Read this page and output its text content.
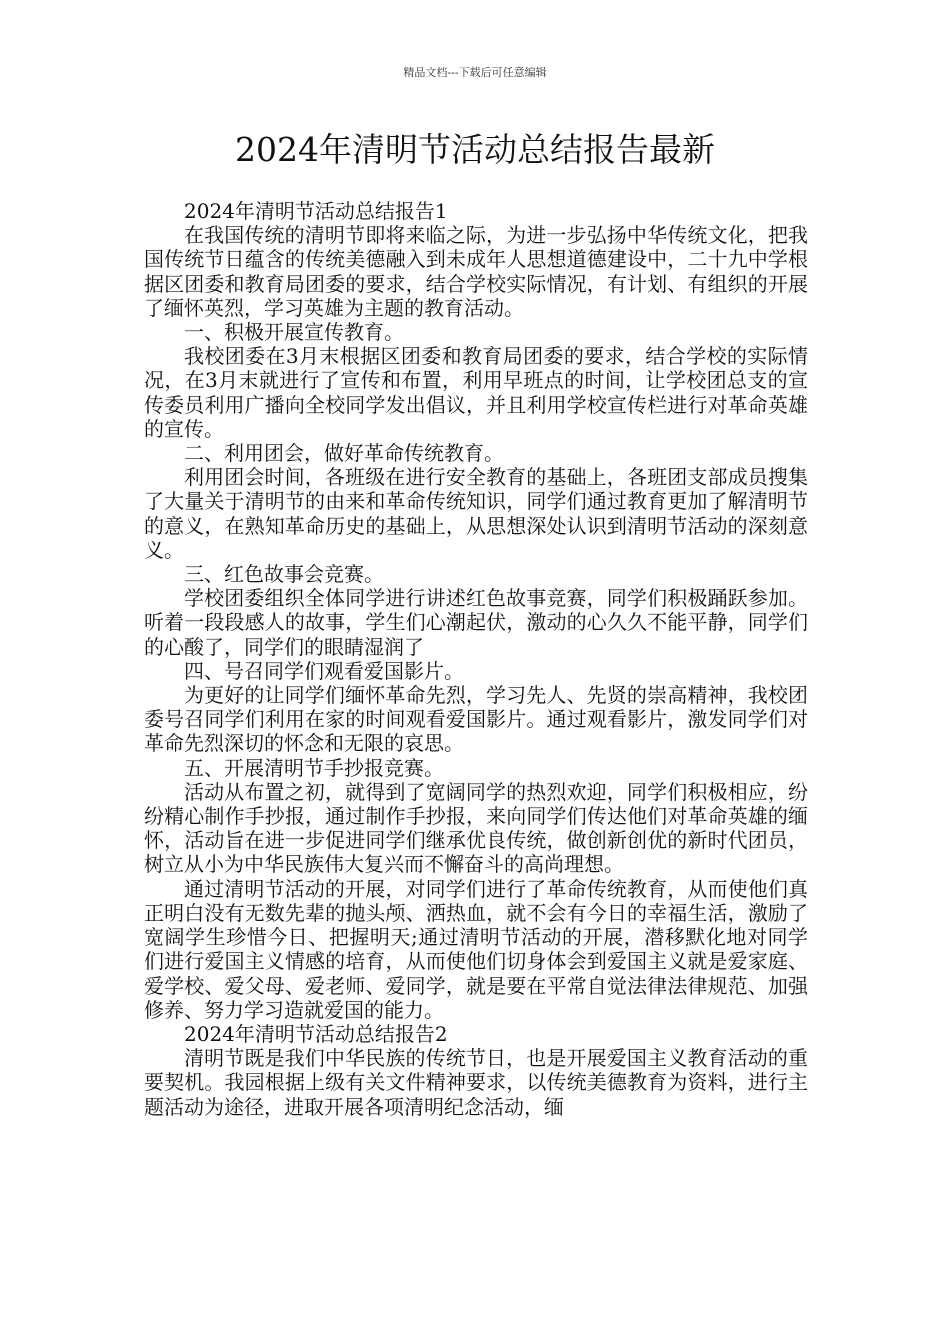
精品文档---下载后可任意编辑
2024年清明节活动总结报告最新

2024年清明节活动总结报告1

在我国传统的清明节即将来临之际，为进一步弘扬中华传统文化，把我国传统节日蕴含的传统美德融入到未成年人思想道德建设中，二十九中学根据区团委和教育局团委的要求，结合学校实际情况，有计划、有组织的开展了缅怀英烈，学习英雄为主题的教育活动。

一、积极开展宣传教育。

我校团委在3月末根据区团委和教育局团委的要求，结合学校的实际情况，在3月末就进行了宣传和布置，利用早班点的时间，让学校团总支的宣传委员利用广播向全校同学发出倡议，并且利用学校宣传栏进行对革命英雄的宣传。

二、利用团会，做好革命传统教育。

利用团会时间，各班级在进行安全教育的基础上，各班团支部成员搜集了大量关于清明节的由来和革命传统知识，同学们通过教育更加了解清明节的意义，在熟知革命历史的基础上，从思想深处认识到清明节活动的深刻意义。

三、红色故事会竞赛。

学校团委组织全体同学进行讲述红色故事竞赛，同学们积极踊跃参加。听着一段段感人的故事，学生们心潮起伏，激动的心久久不能平静，同学们的心酸了，同学们的眼睛湿润了

四、号召同学们观看爱国影片。

为更好的让同学们缅怀革命先烈，学习先人、先贤的崇高精神，我校团委号召同学们利用在家的时间观看爱国影片。通过观看影片，激发同学们对革命先烈深切的怀念和无限的哀思。

五、开展清明节手抄报竞赛。

活动从布置之初，就得到了宽阔同学的热烈欢迎，同学们积极相应，纷纷精心制作手抄报，通过制作手抄报，来向同学们传达他们对革命英雄的缅怀，活动旨在进一步促进同学们继承优良传统，做创新创优的新时代团员，树立从小为中华民族伟大复兴而不懈奋斗的高尚理想。

通过清明节活动的开展，对同学们进行了革命传统教育，从而使他们真正明白没有无数先辈的抛头颅、洒热血，就不会有今日的幸福生活，激励了宽阔学生珍惜今日、把握明天;通过清明节活动的开展，潜移默化地对同学们进行爱国主义情感的培育，从而使他们切身体会到爱国主义就是爱家庭、爱学校、爱父母、爱老师、爱同学，就是要在平常自觉法律法律规范、加强修养、努力学习造就爱国的能力。

2024年清明节活动总结报告2

清明节既是我们中华民族的传统节日，也是开展爱国主义教育活动的重要契机。我园根据上级有关文件精神要求，以传统美德教育为资料，进行主题活动为途径，进取开展各项清明纪念活动，缅
